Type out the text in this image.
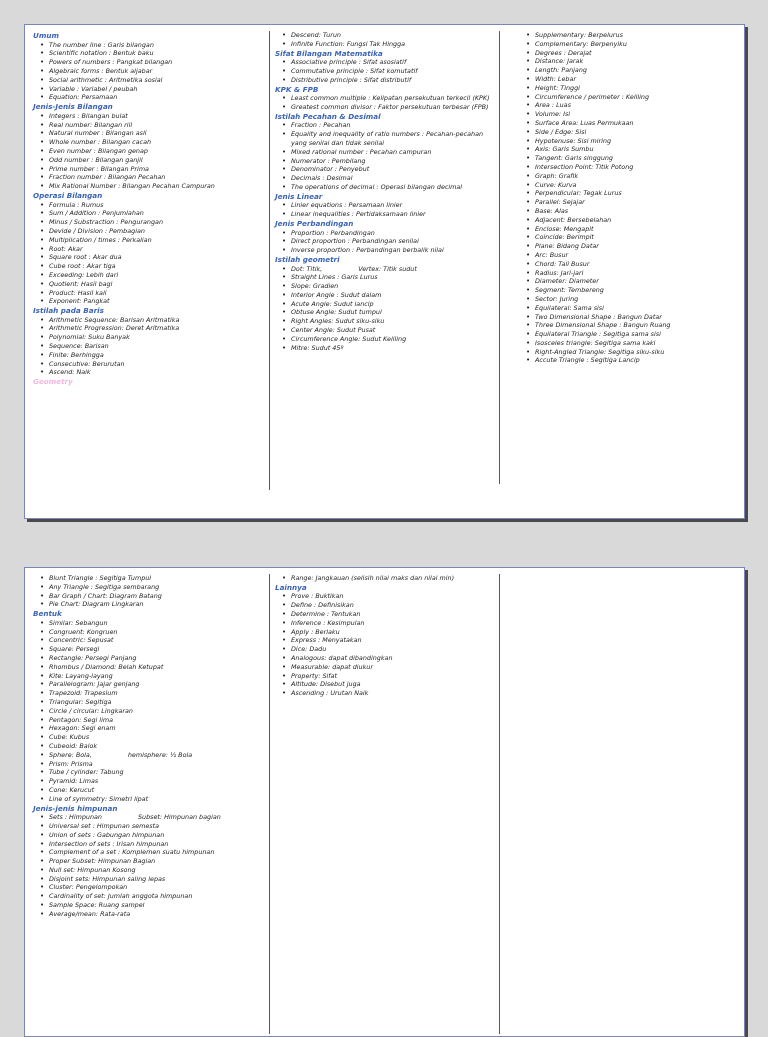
Umum
• The number line : Garis bilangan
• Scientific notation : Bentuk baku
• Powers of numbers : Pangkat bilangan
• Algebraic forms : Bentuk aljabar
• Social arithmetic : Aritmetika sosial
• Variable : Variabel / peubah
• Equation: Persamaan
Jenis-Jenis Bilangan
• Integers : Bilangan bulat
• Real number: Bilangan riil
• Natural number : Bilangan asli
• Whole number : Bilangan cacah
• Even number : Bilangan genap
• Odd number : Bilangan ganjil
• Prime number : Bilangan Prima
• Fraction number : Bilangan Pecahan
• Mix Rational Number : Bilangan Pecahan Campuran
Operasi Bilangan
• Formula : Rumus
• Sum / Addition : Penjumlahan
• Minus / Substraction : Pengurangan
• Devide / Division : Pembagian
• Multiplication / times : Perkalian
• Root: Akar
• Square root : Akar dua
• Cube root : Akar tiga
• Exceeding: Lebih dari
• Quotient: Hasil bagi
• Product: Hasil kali
• Exponent: Pangkat
Istilah pada Baris
• Arithmetic Sequence: Barisan Aritmatika
• Arithmetic Progression: Deret Aritmatika
• Polynomial: Suku Banyak
• Sequence: Barisan
• Finite: Berhingga
• Consecutive: Berurutan
• Ascend: Naik
Geometry
• Descend: Turun
• Infinite Function: Fungsi Tak Hingga
Sifat Bilangan Matematika
• Associative principle : Sifat asosiatif
• Commutative principle : Sifat komutatif
• Distributive principle : Sifat distributif
KPK & FPB
• Least common multiple : Kelipatan persekutuan terkecil (KPK)
• Greatest common divisor : Faktor persekutuan terbesar (FPB)
Istilah Pecahan & Desimal
• Fraction : Pecahan
• Equality and inequality of ratio numbers : Pecahan-pecahan yang senilai dan tidak senilai
• Mixed rational number : Pecahan campuran
• Numerator : Pembilang
• Denominator : Penyebut
• Decimals : Desimal
• The operations of decimal : Operasi bilangan decimal
Jenis Linear
• Linier equations : Persamaan linier
• Linear inequalities : Pertidaksamaan linier
Jenis Perbandingan
• Proportion : Perbandingan
• Direct proportion : Perbandingan senilai
• Inverse proportion : Perbandingan berbalik nilai
Istilah geometri
• Dot: Titik,	Vertex: Titik sudut
• Straight Lines : Garis Lurus
• Slope: Gradien
• Interior Angle : Sudut dalam
• Acute Angle: Sudut lancip
• Obtuse Angle: Sudut tumpul
• Right Angles: Sudut siku-siku
• Center Angle: Sudut Pusat
• Circumference Angle: Sudut Keliling
• Mitre: Sudut 45º
• Supplementary: Berpelurus
• Complementary: Berpenyiku
• Degrees : Derajat
• Distance: Jarak
• Length: Panjang
• Width: Lebar
• Height: Tinggi
• Circumference / perimeter : Keliling
• Area : Luas
• Volume: Isi
• Surface Area: Luas Permukaan
• Side / Edge: Sisi
• Hypotenuse: Sisi miring
• Axis: Garis Sumbu
• Tangent: Garis singgung
• Intersection Point: Titik Potong
• Graph: Grafik
• Curve: Kurva
• Perpendicular: Tegak Lurus
• Parallel: Sejajar
• Base: Alas
• Adjacent: Bersebelahan
• Enclose: Mengapit
• Coincide: Berimpit
• Plane: Bidang Datar
• Arc: Busur
• Chord: Tali Busur
• Radius: Jari-jari
• Diameter: Diameter
• Segment: Tembereng
• Sector: Juring
• Equilateral: Sama sisi
• Two Dimensional Shape : Bangun Datar
• Three Dimensional Shape : Bangun Ruang
• Equilateral Triangle : Segitiga sama sisi
• Isosceles triangle: Segitiga sama kaki
• Right-Angled Triangle: Segitiga siku-siku
• Accute Triangle : Segitiga Lancip
• Blunt Triangle : Segitiga Tumpul
• Any Triangle : Segitiga sembarang
• Bar Graph / Chart: Diagram Batang
• Pie Chart: Diagram Lingkaran
Bentuk
• Similar: Sebangun
• Congruent: Kongruen
• Concentric: Sepusat
• Square: Persegi
• Rectangle: Persegi Panjang
• Rhombus / Diamond: Belah Ketupat
• Kite: Layang-layang
• Parallelogram: Jajar genjang
• Trapezoid: Trapesium
• Triangular: Segitiga
• Circle / circular: Lingkaran
• Pentagon: Segi lima
• Hexagon: Segi enam
• Cube: Kubus
• Cubeoid: Balok
• Sphere: Bola,	hemisphere: ½ Bola
• Prism: Prisma
• Tube / cylinder: Tabung
• Pyramid: Limas
• Cone: Kerucut
• Line of symmetry: Simetri lipat
Jenis-jenis himpunan
• Sets : Himpunan	Subset: Himpunan bagian
• Universal set : Himpunan semesta
• Union of sets : Gabungan himpunan
• Intersection of sets : Irisan himpunan
• Complement of a set : Komplemen suatu himpunan
• Proper Subset: Himpunan Bagian
• Null set: Himpunan Kosong
• Disjoint sets: Himpunan saling lepas
• Cluster: Pengelompokan
• Cardinality of set: Jumlah anggota himpunan
• Sample Space: Ruang sampel
• Average/mean: Rata-rata
• Range: Jangkauan (selisih nilai maks dan nilai min)
Lainnya
• Prove : Buktikan
• Define : Definisikan
• Determine : Tentukan
• Inference : Kesimpulan
• Apply : Berlaku
• Express : Menyatakan
• Dice: Dadu
• Analogous: dapat dibandingkan
• Measurable: dapat diukur
• Property: Sifat
• Altitude: Disebut juga
• Ascending : Urutan Naik
